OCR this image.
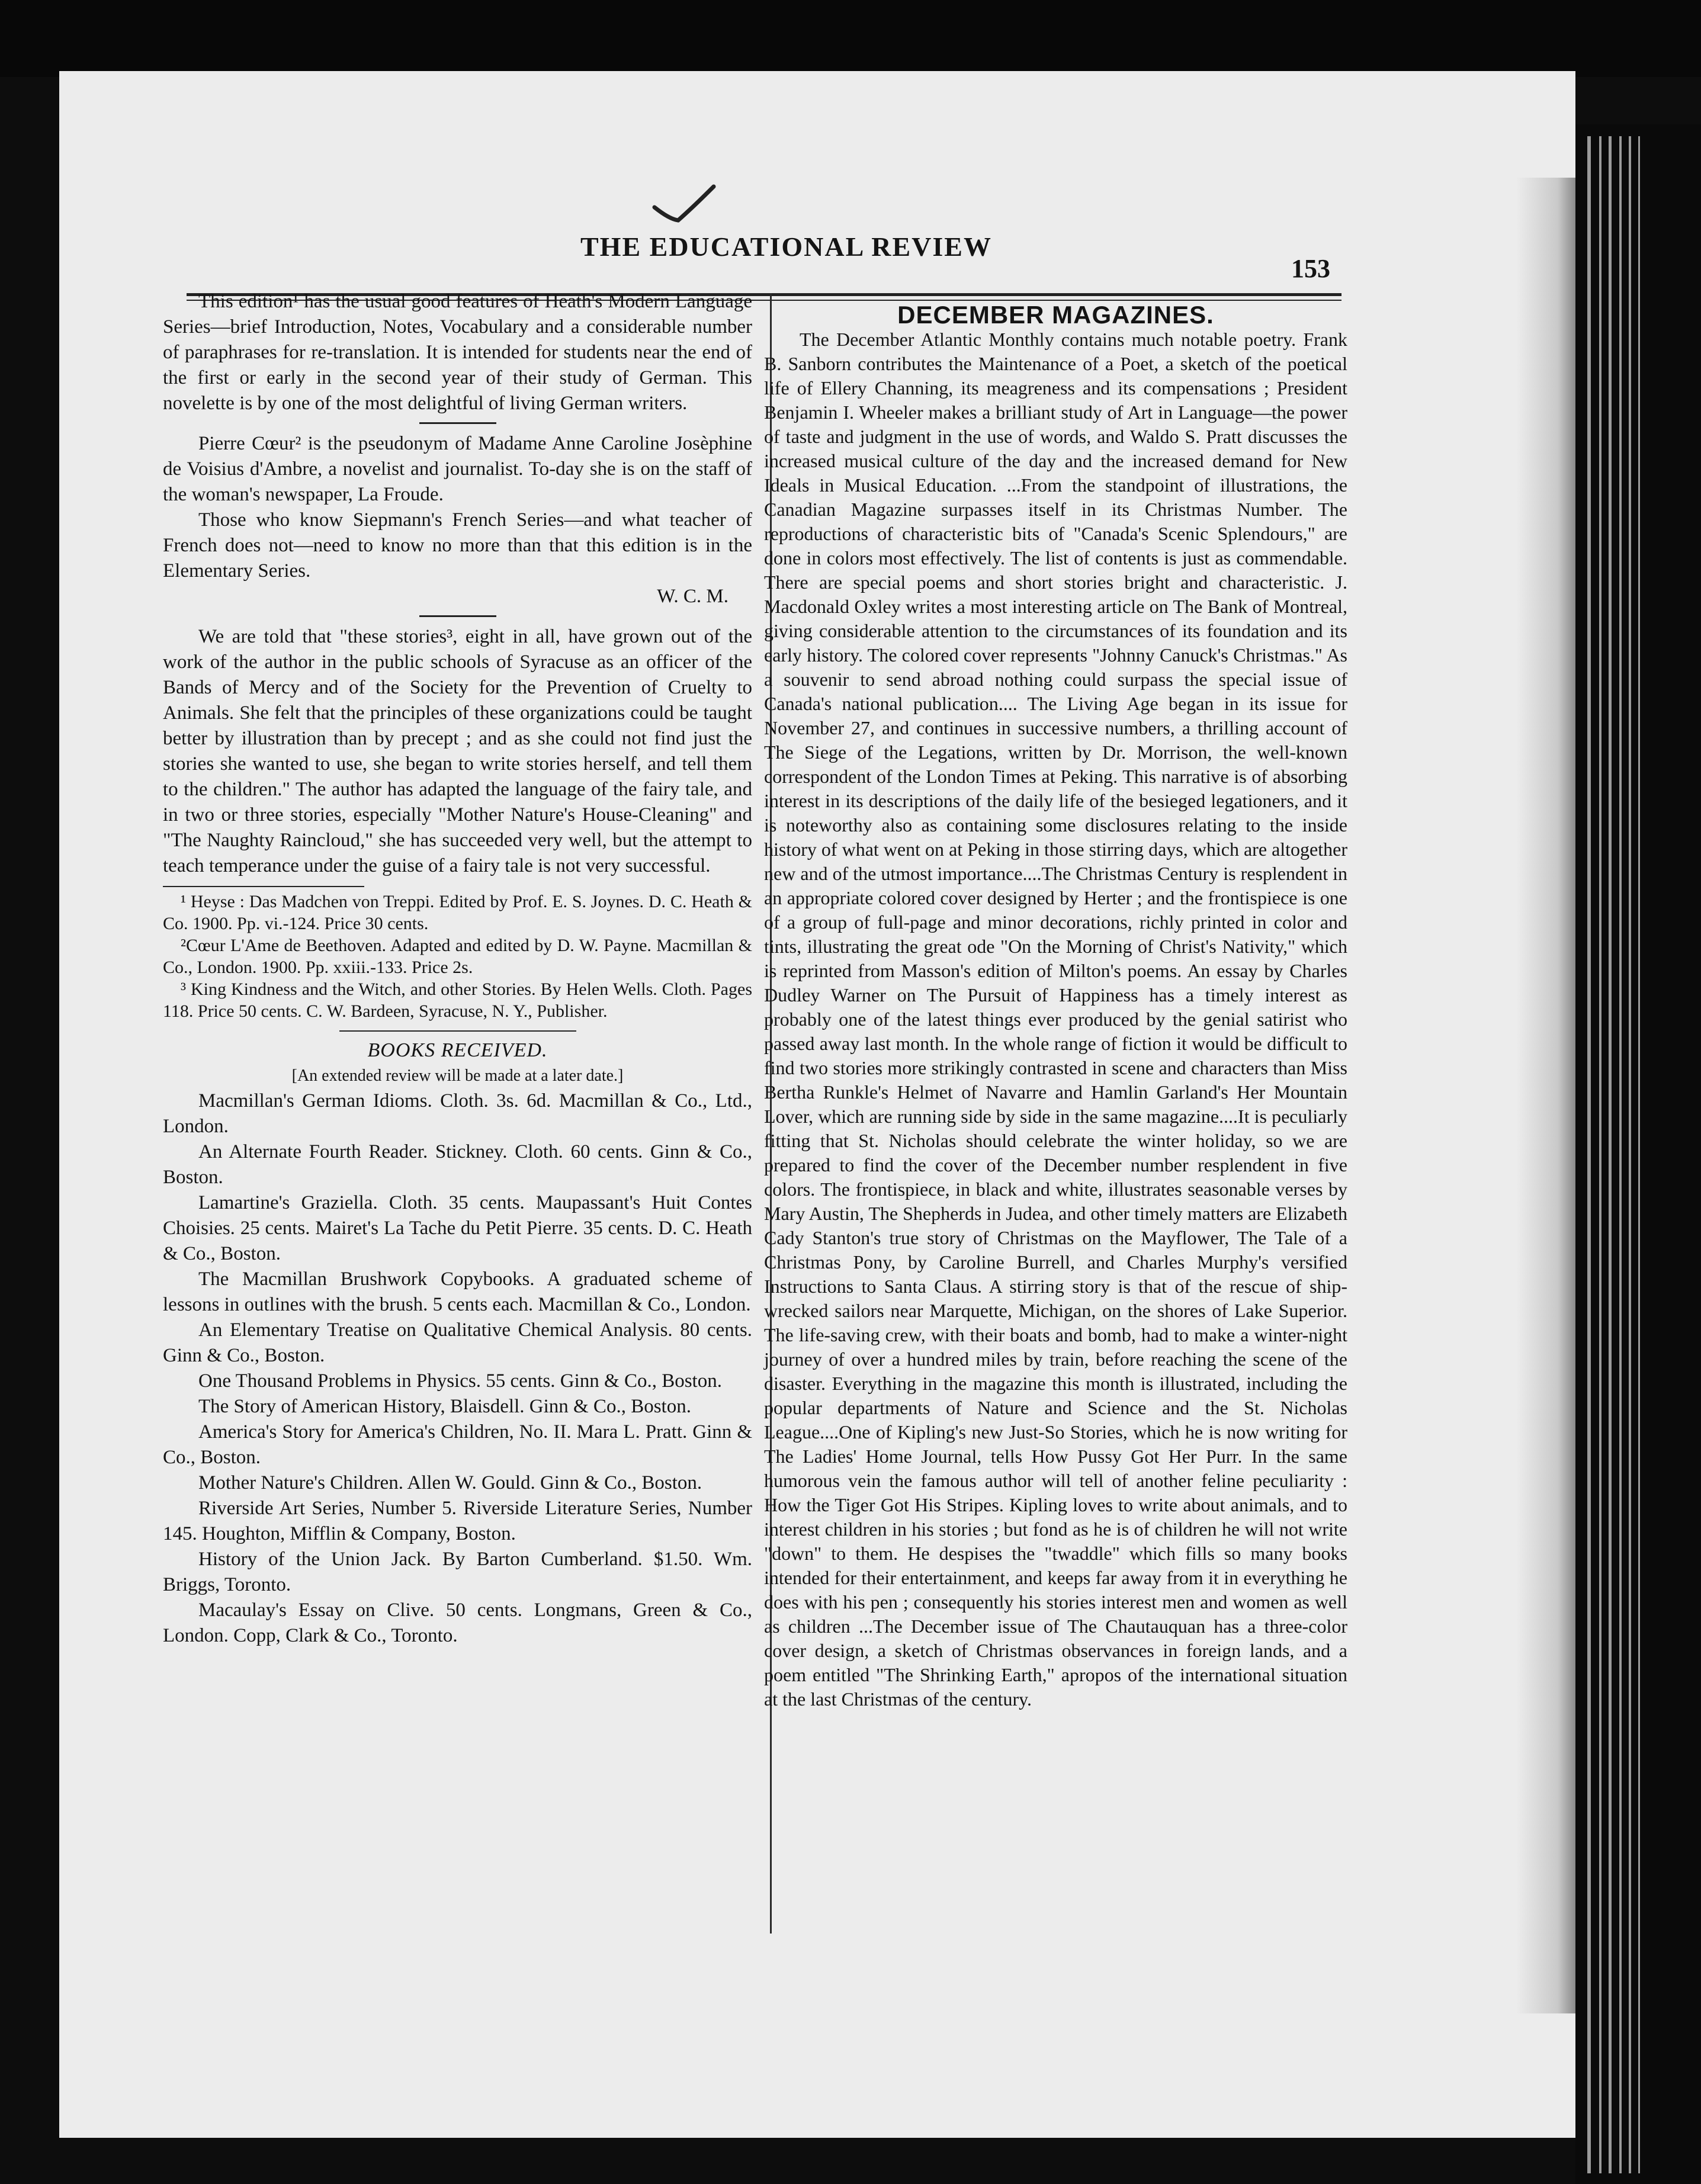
THE EDUCATIONAL REVIEW
153

This edition¹ has the usual good features of Heath's Modern Language Series—brief Introduction, Notes, Vocabulary and a considerable number of paraphrases for re-translation. It is intended for students near the end of the first or early in the second year of their study of German. This novelette is by one of the most delightful of living German writers.

Pierre Cœur² is the pseudonym of Madame Anne Caroline Josèphine de Voisius d'Ambre, a novelist and journalist. To-day she is on the staff of the woman's newspaper, La Froude.

Those who know Siepmann's French Series—and what teacher of French does not—need to know no more than that this edition is in the Elementary Series.

W. C. M.

We are told that "these stories³, eight in all, have grown out of the work of the author in the public schools of Syracuse as an officer of the Bands of Mercy and of the Society for the Prevention of Cruelty to Animals. She felt that the principles of these organizations could be taught better by illustration than by precept ; and as she could not find just the stories she wanted to use, she began to write stories herself, and tell them to the children." The author has adapted the language of the fairy tale, and in two or three stories, especially "Mother Nature's House-Cleaning" and "The Naughty Raincloud," she has succeeded very well, but the attempt to teach temperance under the guise of a fairy tale is not very successful.

¹ Heyse : Das Madchen von Treppi. Edited by Prof. E. S. Joynes. D. C. Heath & Co. 1900. Pp. vi.-124. Price 30 cents.

²Cœur L'Ame de Beethoven. Adapted and edited by D. W. Payne. Macmillan & Co., London. 1900. Pp. xxiii.-133. Price 2s.

³ King Kindness and the Witch, and other Stories. By Helen Wells. Cloth. Pages 118. Price 50 cents. C. W. Bardeen, Syracuse, N. Y., Publisher.

BOOKS RECEIVED.

[An extended review will be made at a later date.]

Macmillan's German Idioms. Cloth. 3s. 6d. Macmillan & Co., Ltd., London.

An Alternate Fourth Reader. Stickney. Cloth. 60 cents. Ginn & Co., Boston.

Lamartine's Graziella. Cloth. 35 cents. Maupassant's Huit Contes Choisies. 25 cents. Mairet's La Tache du Petit Pierre. 35 cents. D. C. Heath & Co., Boston.

The Macmillan Brushwork Copybooks. A graduated scheme of lessons in outlines with the brush. 5 cents each. Macmillan & Co., London.

An Elementary Treatise on Qualitative Chemical Analysis. 80 cents. Ginn & Co., Boston.

One Thousand Problems in Physics. 55 cents. Ginn & Co., Boston.

The Story of American History, Blaisdell. Ginn & Co., Boston.

America's Story for America's Children, No. II. Mara L. Pratt. Ginn & Co., Boston.

Mother Nature's Children. Allen W. Gould. Ginn & Co., Boston.

Riverside Art Series, Number 5. Riverside Literature Series, Number 145. Houghton, Mifflin & Company, Boston.

History of the Union Jack. By Barton Cumberland. $1.50. Wm. Briggs, Toronto.

Macaulay's Essay on Clive. 50 cents. Longmans, Green & Co., London. Copp, Clark & Co., Toronto.

DECEMBER MAGAZINES.

The December Atlantic Monthly contains much notable poetry. Frank B. Sanborn contributes the Maintenance of a Poet, a sketch of the poetical life of Ellery Channing, its meagreness and its compensations ; President Benjamin I. Wheeler makes a brilliant study of Art in Language—the power of taste and judgment in the use of words, and Waldo S. Pratt discusses the increased musical culture of the day and the increased demand for New Ideals in Musical Education. ...From the standpoint of illustrations, the Canadian Magazine surpasses itself in its Christmas Number. The reproductions of characteristic bits of "Canada's Scenic Splendours," are done in colors most effectively. The list of contents is just as commendable. There are special poems and short stories bright and characteristic. J. Macdonald Oxley writes a most interesting article on The Bank of Montreal, giving considerable attention to the circumstances of its foundation and its early history. The colored cover represents "Johnny Canuck's Christmas." As a souvenir to send abroad nothing could surpass the special issue of Canada's national publication.... The Living Age began in its issue for November 27, and continues in successive numbers, a thrilling account of The Siege of the Legations, written by Dr. Morrison, the well-known correspondent of the London Times at Peking. This narrative is of absorbing interest in its descriptions of the daily life of the besieged legationers, and it is noteworthy also as containing some disclosures relating to the inside history of what went on at Peking in those stirring days, which are altogether new and of the utmost importance....The Christmas Century is resplendent in an appropriate colored cover designed by Herter ; and the frontispiece is one of a group of full-page and minor decorations, richly printed in color and tints, illustrating the great ode "On the Morning of Christ's Nativity," which is reprinted from Masson's edition of Milton's poems. An essay by Charles Dudley Warner on The Pursuit of Happiness has a timely interest as probably one of the latest things ever produced by the genial satirist who passed away last month. In the whole range of fiction it would be difficult to find two stories more strikingly contrasted in scene and characters than Miss Bertha Runkle's Helmet of Navarre and Hamlin Garland's Her Mountain Lover, which are running side by side in the same magazine....It is peculiarly fitting that St. Nicholas should celebrate the winter holiday, so we are prepared to find the cover of the December number resplendent in five colors. The frontispiece, in black and white, illustrates seasonable verses by Mary Austin, The Shepherds in Judea, and other timely matters are Elizabeth Cady Stanton's true story of Christmas on the Mayflower, The Tale of a Christmas Pony, by Caroline Burrell, and Charles Murphy's versified Instructions to Santa Claus. A stirring story is that of the rescue of ship-wrecked sailors near Marquette, Michigan, on the shores of Lake Superior. The life-saving crew, with their boats and bomb, had to make a winter-night journey of over a hundred miles by train, before reaching the scene of the disaster. Everything in the magazine this month is illustrated, including the popular departments of Nature and Science and the St. Nicholas League....One of Kipling's new Just-So Stories, which he is now writing for The Ladies' Home Journal, tells How Pussy Got Her Purr. In the same humorous vein the famous author will tell of another feline peculiarity : How the Tiger Got His Stripes. Kipling loves to write about animals, and to interest children in his stories ; but fond as he is of children he will not write "down" to them. He despises the "twaddle" which fills so many books intended for their entertainment, and keeps far away from it in everything he does with his pen ; consequently his stories interest men and women as well as children ...The December issue of The Chautauquan has a three-color cover design, a sketch of Christmas observances in foreign lands, and a poem entitled "The Shrinking Earth," apropos of the international situation at the last Christmas of the century.
